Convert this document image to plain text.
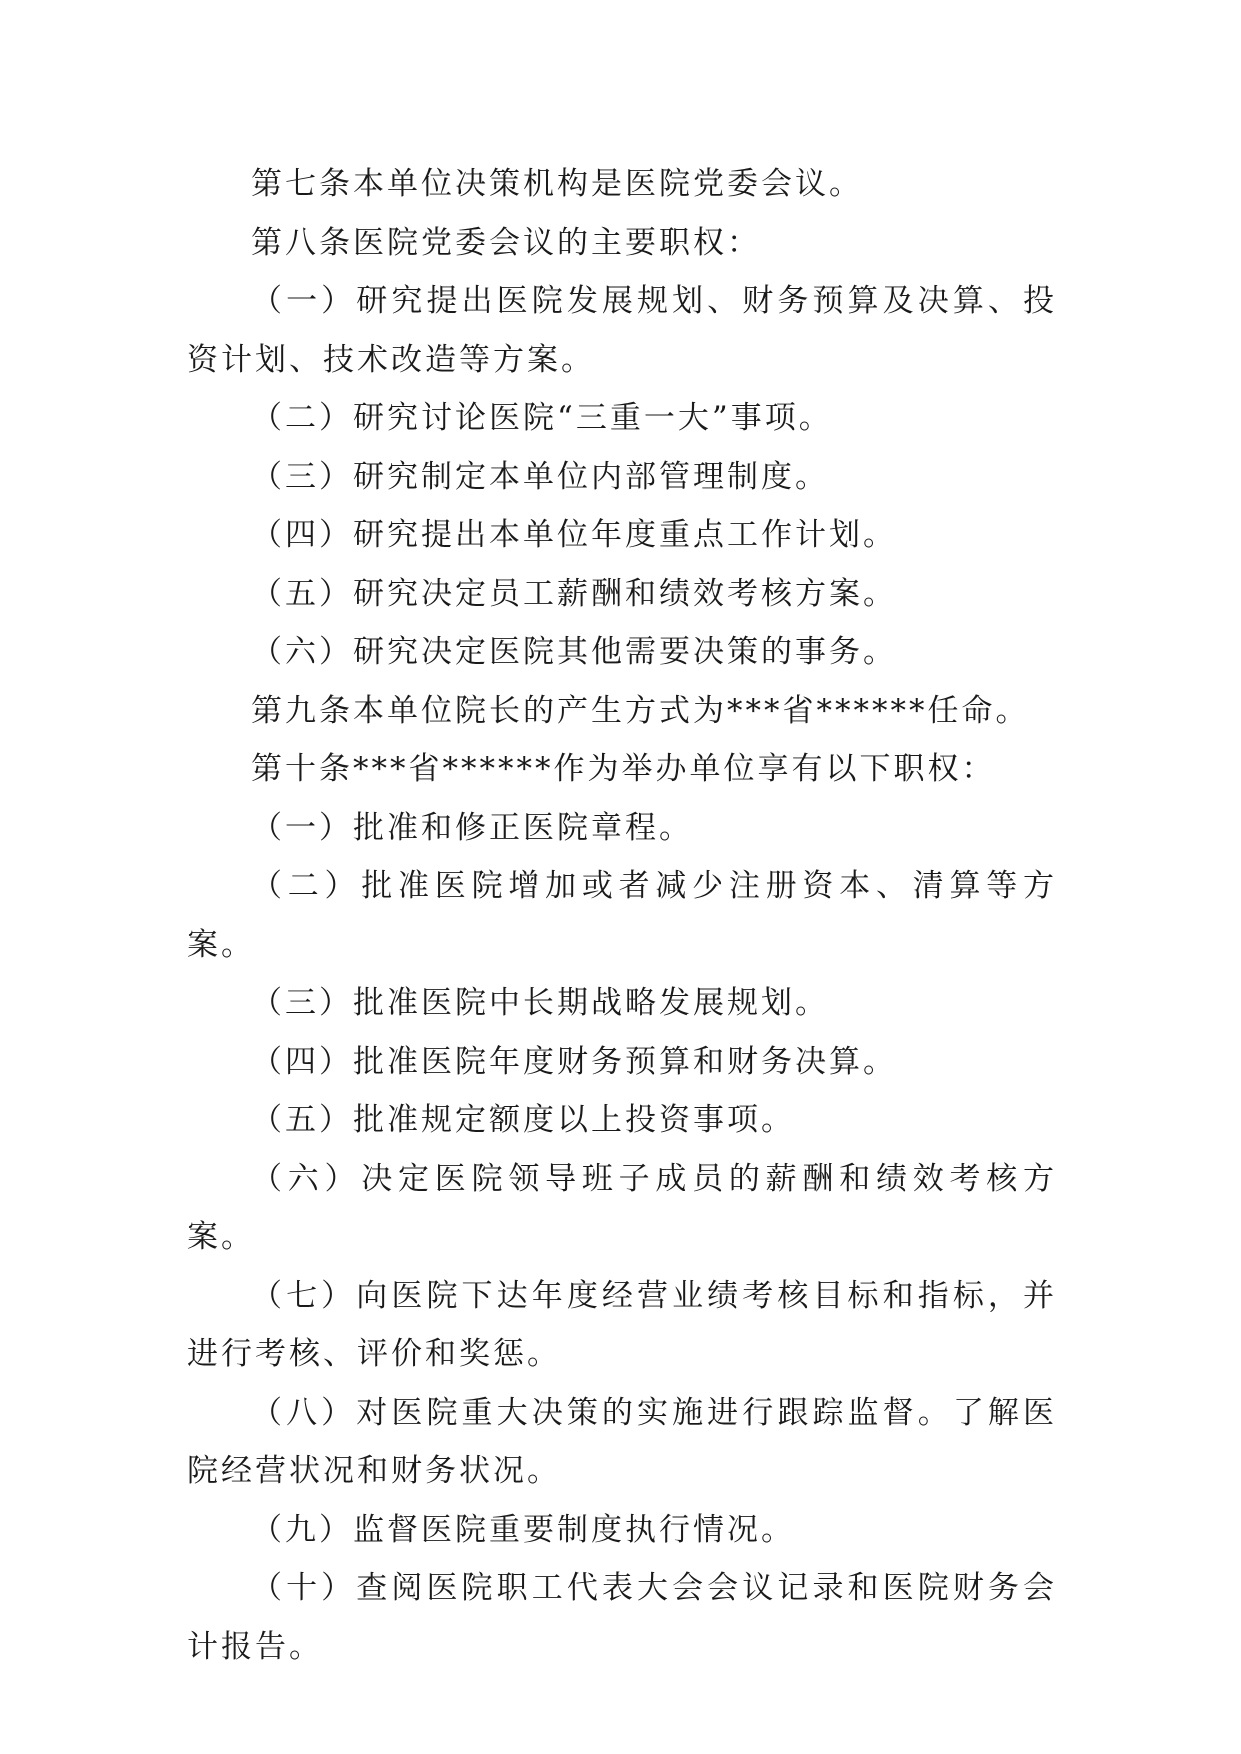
第七条本单位决策机构是医院党委会议。

第八条医院党委会议的主要职权：

（一）研究提出医院发展规划、财务预算及决算、投资计划、技术改造等方案。

（二）研究讨论医院“三重一大”事项。

（三）研究制定本单位内部管理制度。

（四）研究提出本单位年度重点工作计划。

（五）研究决定员工薪酬和绩效考核方案。

（六）研究决定医院其他需要决策的事务。

第九条本单位院长的产生方式为***省******任命。

第十条***省******作为举办单位享有以下职权：

（一）批准和修正医院章程。

（二）批准医院增加或者减少注册资本、清算等方案。

（三）批准医院中长期战略发展规划。

（四）批准医院年度财务预算和财务决算。

（五）批准规定额度以上投资事项。

（六）决定医院领导班子成员的薪酬和绩效考核方案。

（七）向医院下达年度经营业绩考核目标和指标，并进行考核、评价和奖惩。

（八）对医院重大决策的实施进行跟踪监督。了解医院经营状况和财务状况。

（九）监督医院重要制度执行情况。

（十）查阅医院职工代表大会会议记录和医院财务会计报告。
